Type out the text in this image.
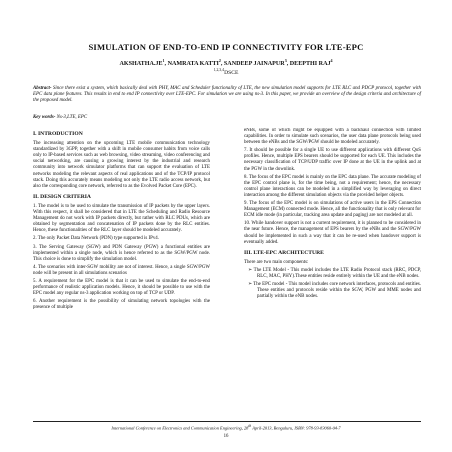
SIMULATION OF END-TO-END IP CONNECTIVITY FOR LTE-EPC
$AKSHATHA.JE^1$, NAMRATA KATTI$^2$, SANDEEP JAINAPUR$^3$, DEEPTHI RAJ$^4$
$^{1,2,3,4}$DSCE
Abstract- Since there exist a system, which basically deal with PHY, MAC and Scheduler functionality of LTE, the new simulation model supports for LTE RLC and PDCP protocol, together with EPC data plane features. This results in end to end IP connectivity over LTE-EPC. For simulation we are using ns-3. In this paper, we provide an overview of the design criteria and architecture of the proposed model.
Key words- Ns-3,LTE, EPC
I. INTRODUCTION

The increasing attention on the upcoming LTE mobile communication technology standardized by 3GPP, together with a shift in mobile consumer habits from voice calls only to IP-based services such as web browsing, video streaming, video conferencing and social networking, are causing a growing interest by the industrial and research community into network simulator platforms that can support the evaluation of LTE networks modeling the relevant aspects of real applications and of the TCP/IP protocol stack. Doing this accurately means modeling not only the LTE radio access network, but also the corresponding core network, referred to as the Evolved Packet Core (EPC).

II. DESIGN CRITERIA

1. The model is to be used to simulate the transmission of IP packets by the upper layers. With this respect, it shall be considered that in LTE the Scheduling and Radio Resource Management do not work with IP packets directly, but rather with RLC PDUs, which are obtained by segmentation and concatenation of IP packets done by the RLC entities. Hence, these functionalities of the RLC layer should be modeled accurately.

2. The only Packet Data Network (PDN) type supported is IPv4.

3. The Serving Gateway (SGW) and PDN Gateway (PGW) a functional entities are implemented within a single node, which is hence referred to as the SGW/PGW node. This choice is done to simplify the simulation model.

4. The scenarios with inter-SGW mobility are not of interest. Hence, a single SGW/PGW node will be present in all simulations scenarios

5. A requirement for the EPC model is that it can be used to simulate the end-to-end performance of realistic application models. Hence, it should be possible to use with the EPC model any regular ns-3 application working on top of TCP or UDP.

6. Another requirement is the possibility of simulating network topologies with the presence of multiple

eNBs, some of which might be equipped with a backhaul connection with limited capabilities. In order to simulate such scenarios, the user data plane protocols being used between the eNBs and the SGW/PGW should be modeled accurately.

7. It should be possible for a single UE to use different applications with different QoS profiles. Hence, multiple EPS bearers should be supported for each UE. This includes the necessary classification of TCP/UDP traffic over IP done at the UE in the uplink and at the PGW in the downlink.

8. The focus of the EPC model is mainly on the EPC data plane. The accurate modeling of the EPC control plane is, for the time being, not a requirement; hence, the necessary control plane interactions can be modeled in a simplified way by leveraging on direct interaction among the different simulation objects via the provided helper objects.

9. The focus of the EPC model is on simulations of active users in the EPS Connection Management (ECM) connected mode. Hence, all the functionality that is only relevant for ECM idle mode (in particular, tracking area update and paging) are not modeled at all.

10. While handover support is not a current requirement, it is planned to be considered in the near future. Hence, the management of EPS bearers by the eNBs and the SGW/PGW should be implemented in such a way that it can be re-used when handover support is eventually added.

III. LTE-EPC ARCHITECTURE

There are two main components:

➢ The LTE Model - This model includes the LTE Radio Protocol stack (RRC, PDCP, RLC, MAC, PHY).These entities reside entirely within the UE and the eNB nodes.

➢ The EPC model - This model includes core network interfaces, protocols and entities. These entities and protocols reside within the SGW, PGW and MME nodes and partially within the eNB nodes.

International Conference on Electronics and Communication Engineering, 28th April-2013, Bengaluru, ISBN: 978-93-83060-04-7
16
